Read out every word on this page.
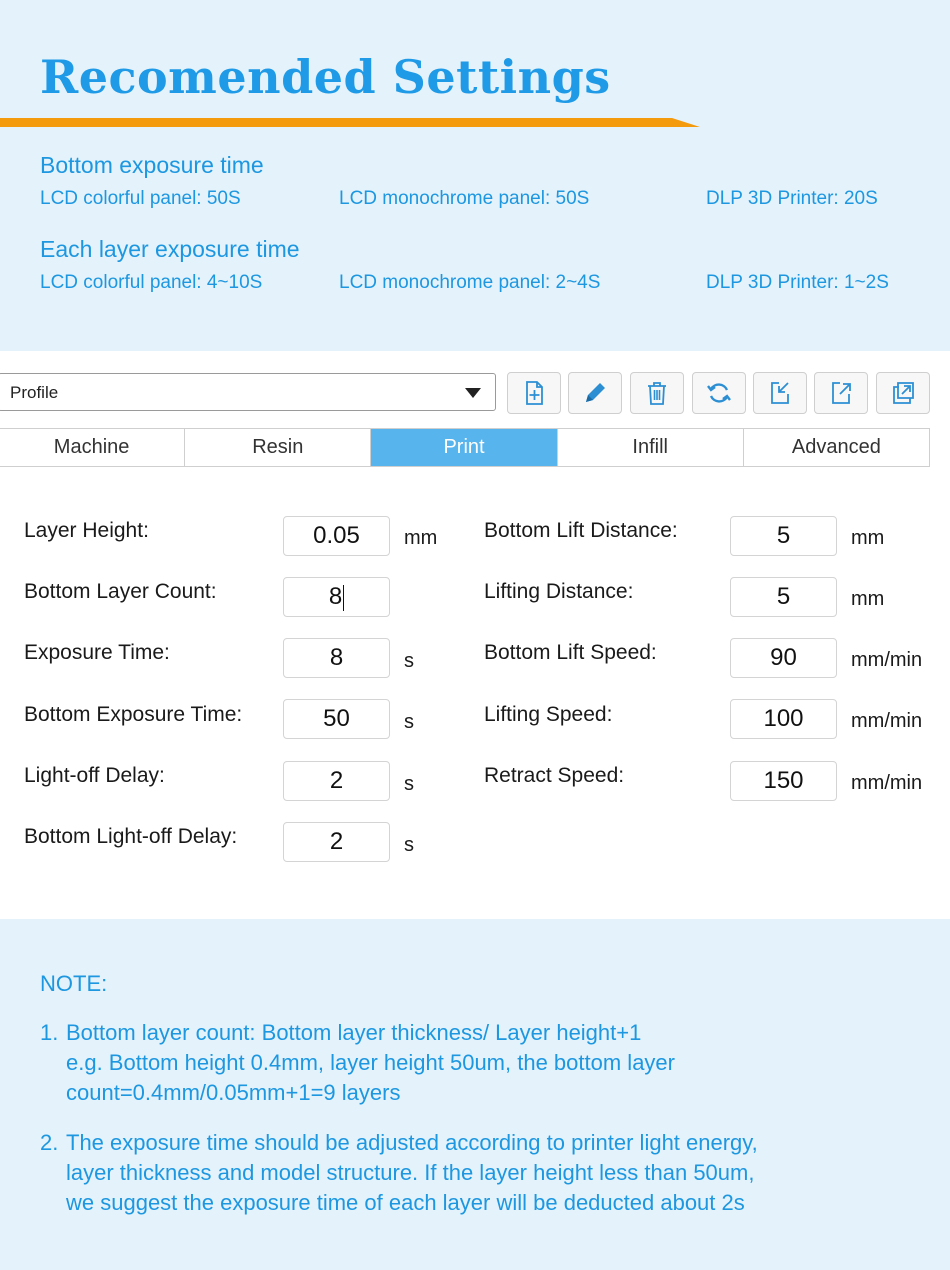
Recomended Settings
Bottom exposure time
LCD colorful panel: 50S	LCD monochrome panel: 50S	DLP 3D Printer: 20S
Each layer exposure time
LCD colorful panel: 4~10S	LCD monochrome panel: 2~4S	DLP 3D Printer: 1~2S
Profile
Machine	Resin	Print	Infill	Advanced
Layer Height:	0.05	mm
Bottom Layer Count:	8
Exposure Time:	8	s
Bottom Exposure Time:	50	s
Light-off Delay:	2	s
Bottom Light-off Delay:	2	s
Bottom Lift Distance:	5	mm
Lifting Distance:	5	mm
Bottom Lift Speed:	90	mm/min
Lifting Speed:	100	mm/min
Retract Speed:	150	mm/min
NOTE:
1. Bottom layer count: Bottom layer thickness/ Layer height+1
e.g. Bottom height 0.4mm, layer height 50um, the bottom layer
count=0.4mm/0.05mm+1=9 layers
2. The exposure time should be adjusted according to printer light energy,
layer thickness and model structure. If the layer height less than 50um,
we suggest the exposure time of each layer will be deducted about 2s
